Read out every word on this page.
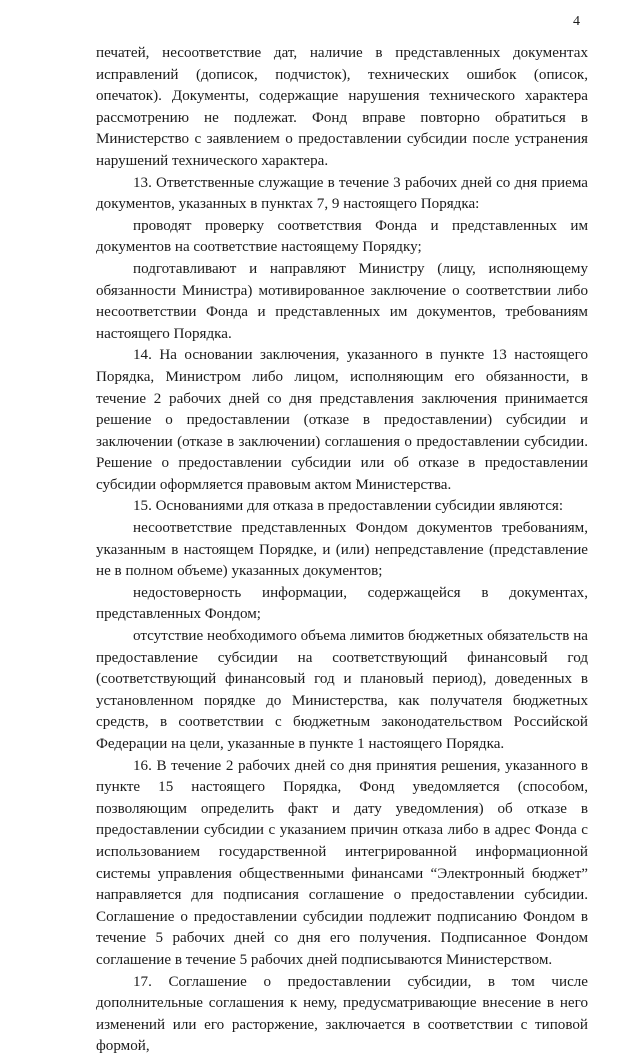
4

печатей, несоответствие дат, наличие в представленных документах исправлений (дописок, подчисток), технических ошибок (описок, опечаток). Документы, содержащие нарушения технического характера рассмотрению не подлежат. Фонд вправе повторно обратиться в Министерство с заявлением о предоставлении субсидии после устранения нарушений технического характера.

13. Ответственные служащие в течение 3 рабочих дней со дня приема документов, указанных в пунктах 7, 9 настоящего Порядка:

проводят проверку соответствия Фонда и представленных им документов на соответствие настоящему Порядку;

подготавливают и направляют Министру (лицу, исполняющему обязанности Министра) мотивированное заключение о соответствии либо несоответствии Фонда и представленных им документов, требованиям настоящего Порядка.

14. На основании заключения, указанного в пункте 13 настоящего Порядка, Министром либо лицом, исполняющим его обязанности, в течение 2 рабочих дней со дня представления заключения принимается решение о предоставлении (отказе в предоставлении) субсидии и заключении (отказе в заключении) соглашения о предоставлении субсидии. Решение о предоставлении субсидии или об отказе в предоставлении субсидии оформляется правовым актом Министерства.

15. Основаниями для отказа в предоставлении субсидии являются:

несоответствие представленных Фондом документов требованиям, указанным в настоящем Порядке, и (или) непредставление (представление не в полном объеме) указанных документов;

недостоверность информации, содержащейся в документах, представленных Фондом;

отсутствие необходимого объема лимитов бюджетных обязательств на предоставление субсидии на соответствующий финансовый год (соответствующий финансовый год и плановый период), доведенных в установленном порядке до Министерства, как получателя бюджетных средств, в соответствии с бюджетным законодательством Российской Федерации на цели, указанные в пункте 1 настоящего Порядка.

16. В течение 2 рабочих дней со дня принятия решения, указанного в пункте 15 настоящего Порядка, Фонд уведомляется (способом, позволяющим определить факт и дату уведомления) об отказе в предоставлении субсидии с указанием причин отказа либо в адрес Фонда с использованием государственной интегрированной информационной системы управления общественными финансами “Электронный бюджет” направляется для подписания соглашение о предоставлении субсидии. Соглашение о предоставлении субсидии подлежит подписанию Фондом в течение 5 рабочих дней со дня его получения. Подписанное Фондом соглашение в течение 5 рабочих дней подписываются Министерством.

17. Соглашение о предоставлении субсидии, в том числе дополнительные соглашения к нему, предусматривающие внесение в него изменений или его расторжение, заключается в соответствии с типовой формой,
